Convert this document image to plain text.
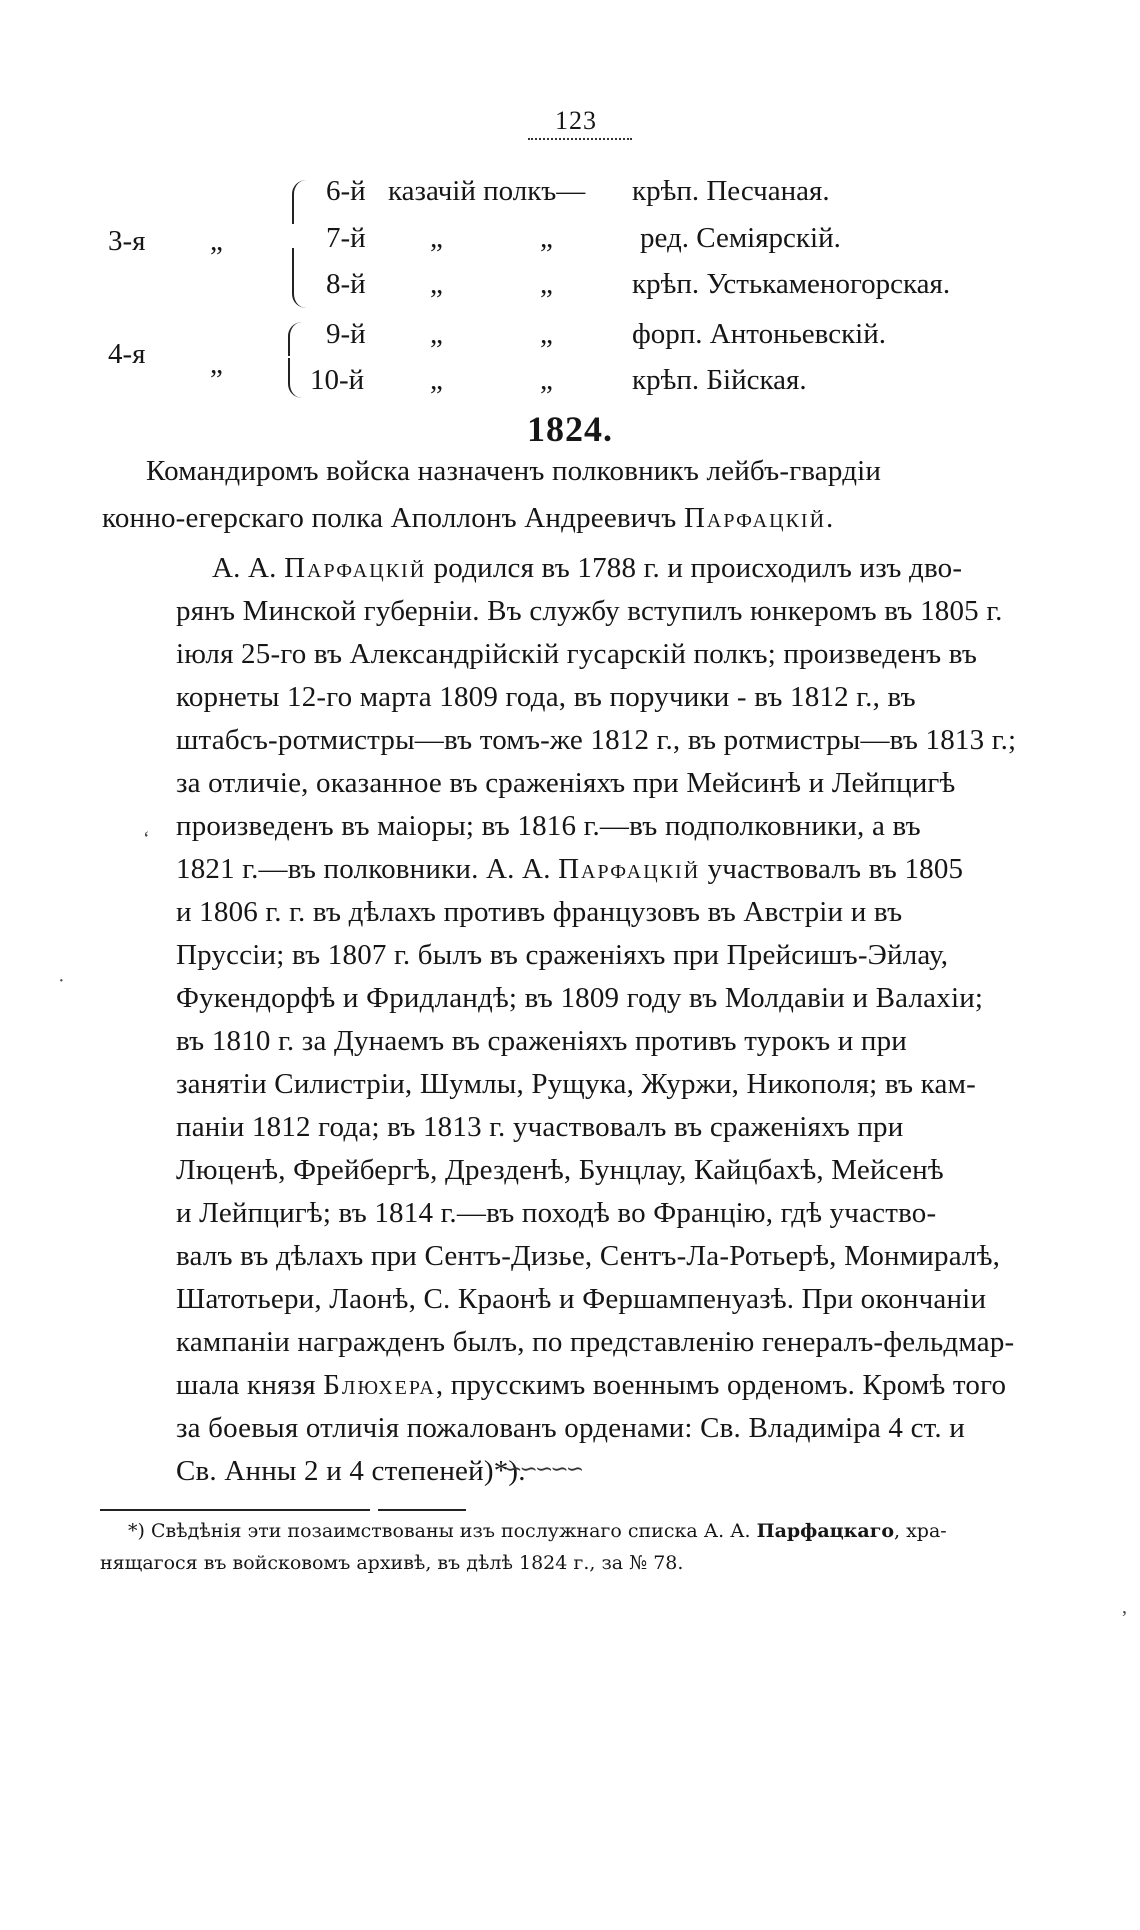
123
3-я „
6-й казачій полкъ— крѣп. Песчаная.
7-й „	„	ред. Семіярскій.
8-й „	„	крѣп. Устькаменогорская.
4-я „
9-й „	„	форп. Антоньевскій.
10-й „	„	крѣп. Бійская.
1824.
Командиромъ войска назначенъ полковникъ лейбъ-гвардіи
конно-егерскаго полка Аполлонъ Андреевичъ Парфацкій.
А. А. Парфацкій родился въ 1788 г. и происходилъ изъ дво-
рянъ Минской губерніи. Въ службу вступилъ юнкеромъ въ 1805 г.
іюля 25-го въ Александрійскій гусарскій полкъ; произведенъ въ
корнеты 12-го марта 1809 года, въ поручики - въ 1812 г., въ
штабсъ-ротмистры—въ томъ-же 1812 г., въ ротмистры—въ 1813 г.;
за отличіе, оказанное въ сраженіяхъ при Мейсинѣ и Лейпцигѣ
произведенъ въ маіоры; въ 1816 г.—въ подполковники, а въ
1821 г.—въ полковники. А. А. Парфацкій участвовалъ въ 1805
и 1806 г. г. въ дѣлахъ противъ французовъ въ Австріи и въ
Пруссіи; въ 1807 г. былъ въ сраженіяхъ при Прейсишъ-Эйлау,
Фукендорфѣ и Фридландѣ; въ 1809 году въ Молдавіи и Валахіи;
въ 1810 г. за Дунаемъ въ сраженіяхъ противъ турокъ и при
занятіи Силистріи, Шумлы, Рущука, Журжи, Никополя; въ кам-
паніи 1812 года; въ 1813 г. участвовалъ въ сраженіяхъ при
Люценѣ, Фрейбергѣ, Дрезденѣ, Бунцлау, Кайцбахѣ, Мейсенѣ
и Лейпцигѣ; въ 1814 г.—въ походѣ во Францію, гдѣ участво-
валъ въ дѣлахъ при Сентъ-Дизье, Сентъ-Ла-Ротьерѣ, Монмиралѣ,
Шатотьери, Лаонѣ, С. Краонѣ и Фершампенуазѣ. При окончаніи
кампаніи награжденъ былъ, по представленію генералъ-фельдмар-
шала князя Блюхера, прусскимъ военнымъ орденомъ. Кромѣ того
за боевыя отличія пожалованъ орденами: Св. Владиміра 4 ст. и
Св. Анны 2 и 4 степеней)*).
∽∽∽∽∽
*) Свѣдѣнія эти позаимствованы изъ послужнаго списка А. А. Парфацкаго, хра-
нящагося въ войсковомъ архивѣ, въ дѣлѣ 1824 г., за № 78.
‘
·
,
